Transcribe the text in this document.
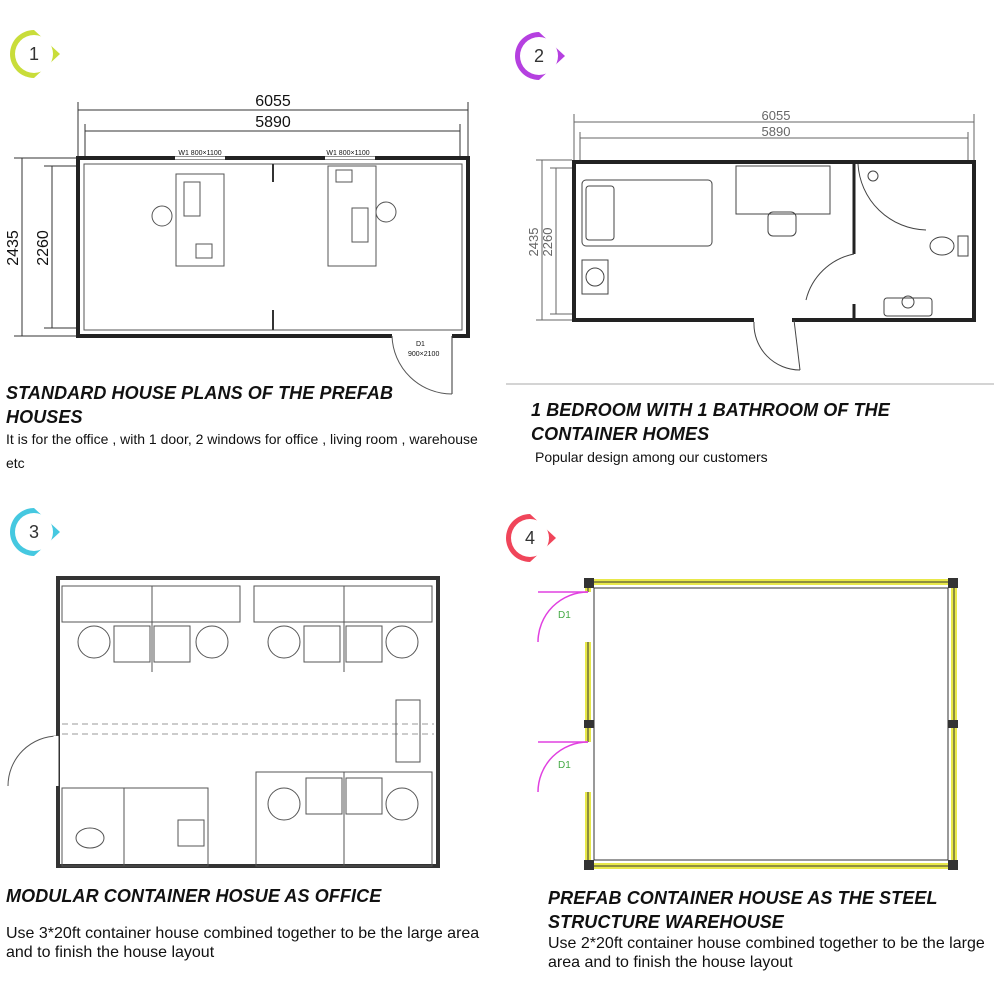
1
6055
5890
2435 2260
W1 800×1100	W1 800×1100
D1
900×2100
STANDARD HOUSE PLANS OF THE PREFAB HOUSES
It is for the office , with 1 door, 2 windows for office , living room , warehouse etc
2
6055
5890
2435 2260
1 BEDROOM WITH 1 BATHROOM OF THE CONTAINER HOMES
Popular design among our customers
3
MODULAR CONTAINER HOSUE AS OFFICE
Use 3*20ft container house combined together to be the large area and to finish the house layout
4
D1
D1
PREFAB CONTAINER HOUSE AS THE STEEL STRUCTURE WAREHOUSE
Use 2*20ft container house combined together to be the large area and to finish the house layout
